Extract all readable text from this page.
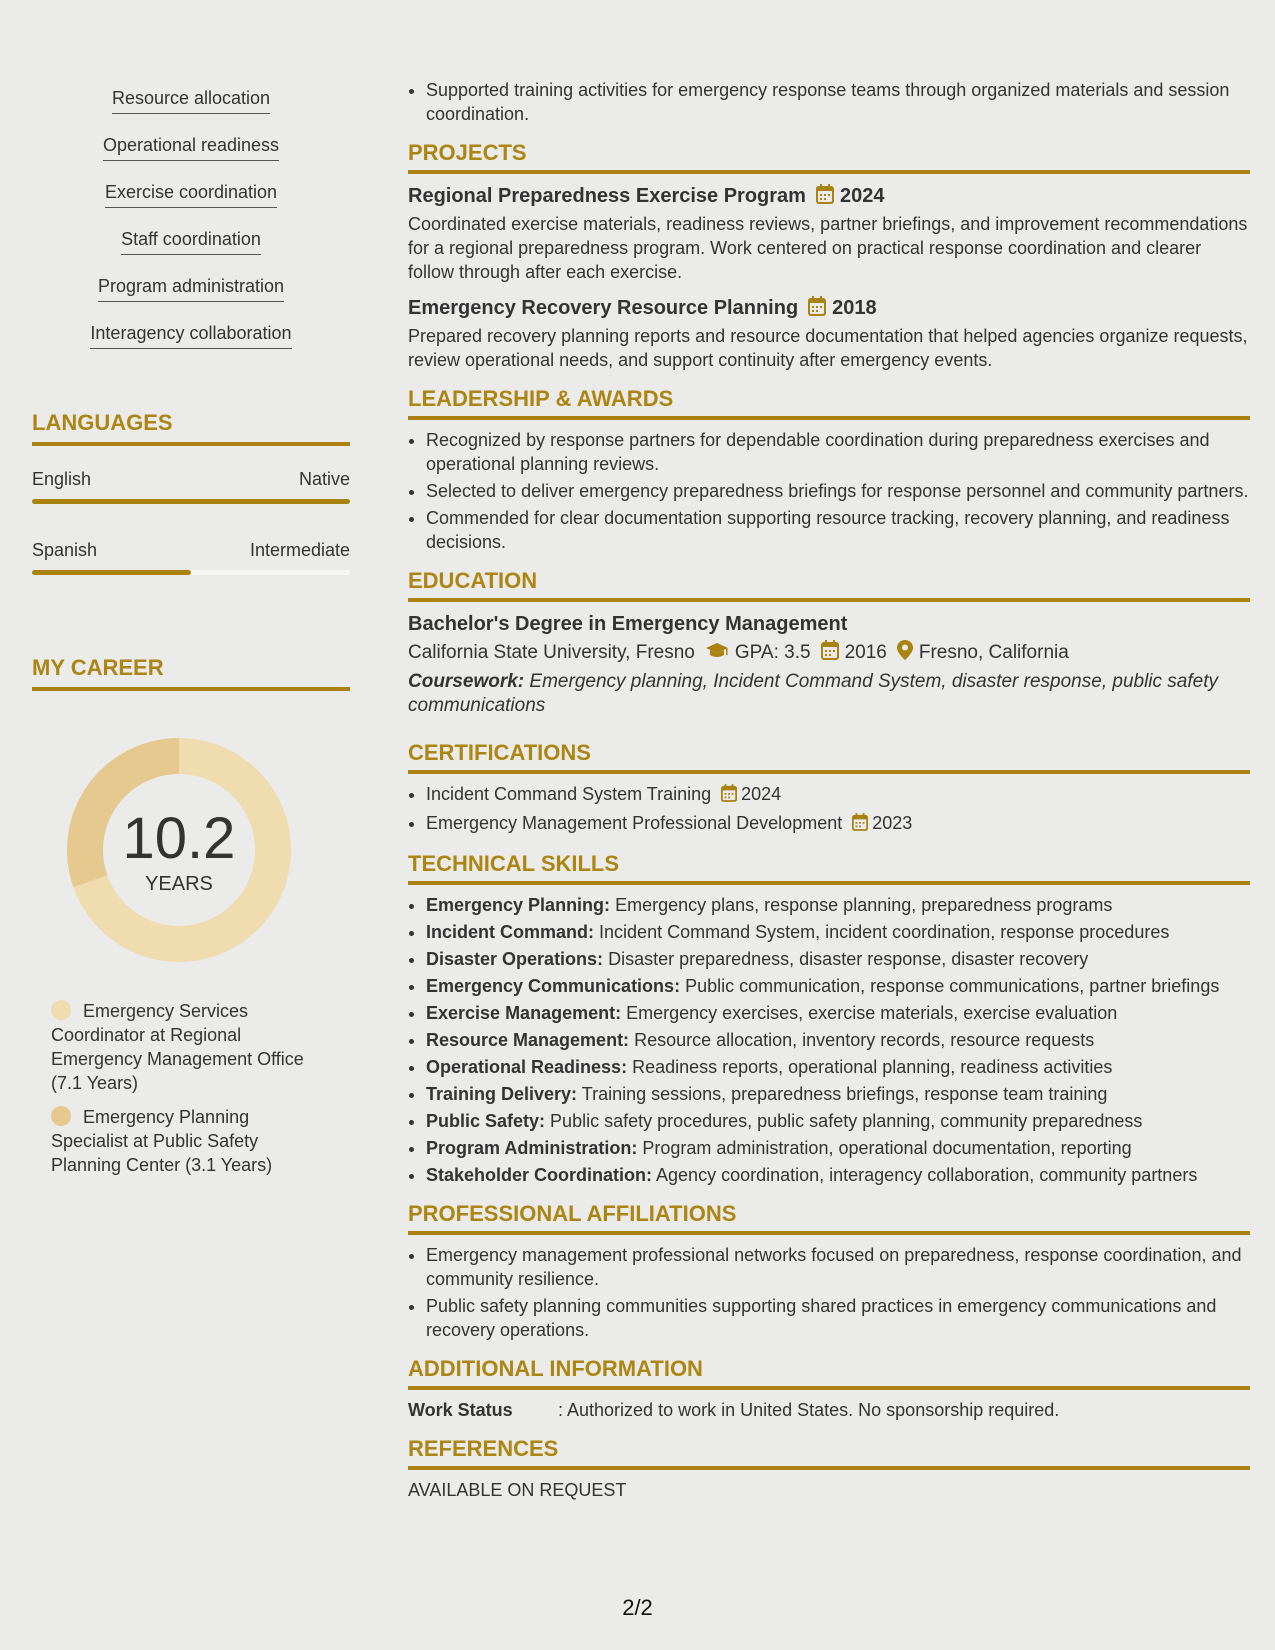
Resource allocation
Operational readiness
Exercise coordination
Staff coordination
Program administration
Interagency collaboration
LANGUAGES
English	Native
Spanish	Intermediate
MY CAREER
10.2
YEARS
Emergency Services Coordinator at Regional Emergency Management Office (7.1 Years)
Emergency Planning Specialist at Public Safety Planning Center (3.1 Years)
• Supported training activities for emergency response teams through organized materials and session coordination.
PROJECTS
Regional Preparedness Exercise Program 2024
Coordinated exercise materials, readiness reviews, partner briefings, and improvement recommendations for a regional preparedness program. Work centered on practical response coordination and clearer follow through after each exercise.
Emergency Recovery Resource Planning 2018
Prepared recovery planning reports and resource documentation that helped agencies organize requests, review operational needs, and support continuity after emergency events.
LEADERSHIP & AWARDS
• Recognized by response partners for dependable coordination during preparedness exercises and operational planning reviews.
• Selected to deliver emergency preparedness briefings for response personnel and community partners.
• Commended for clear documentation supporting resource tracking, recovery planning, and readiness decisions.
EDUCATION
Bachelor's Degree in Emergency Management
California State University, Fresno GPA: 3.5 2016 Fresno, California
Coursework: Emergency planning, Incident Command System, disaster response, public safety communications
CERTIFICATIONS
• Incident Command System Training 2024
• Emergency Management Professional Development 2023
TECHNICAL SKILLS
• Emergency Planning: Emergency plans, response planning, preparedness programs
• Incident Command: Incident Command System, incident coordination, response procedures
• Disaster Operations: Disaster preparedness, disaster response, disaster recovery
• Emergency Communications: Public communication, response communications, partner briefings
• Exercise Management: Emergency exercises, exercise materials, exercise evaluation
• Resource Management: Resource allocation, inventory records, resource requests
• Operational Readiness: Readiness reports, operational planning, readiness activities
• Training Delivery: Training sessions, preparedness briefings, response team training
• Public Safety: Public safety procedures, public safety planning, community preparedness
• Program Administration: Program administration, operational documentation, reporting
• Stakeholder Coordination: Agency coordination, interagency collaboration, community partners
PROFESSIONAL AFFILIATIONS
• Emergency management professional networks focused on preparedness, response coordination, and community resilience.
• Public safety planning communities supporting shared practices in emergency communications and recovery operations.
ADDITIONAL INFORMATION
Work Status	: Authorized to work in United States. No sponsorship required.
REFERENCES
AVAILABLE ON REQUEST
2/2
